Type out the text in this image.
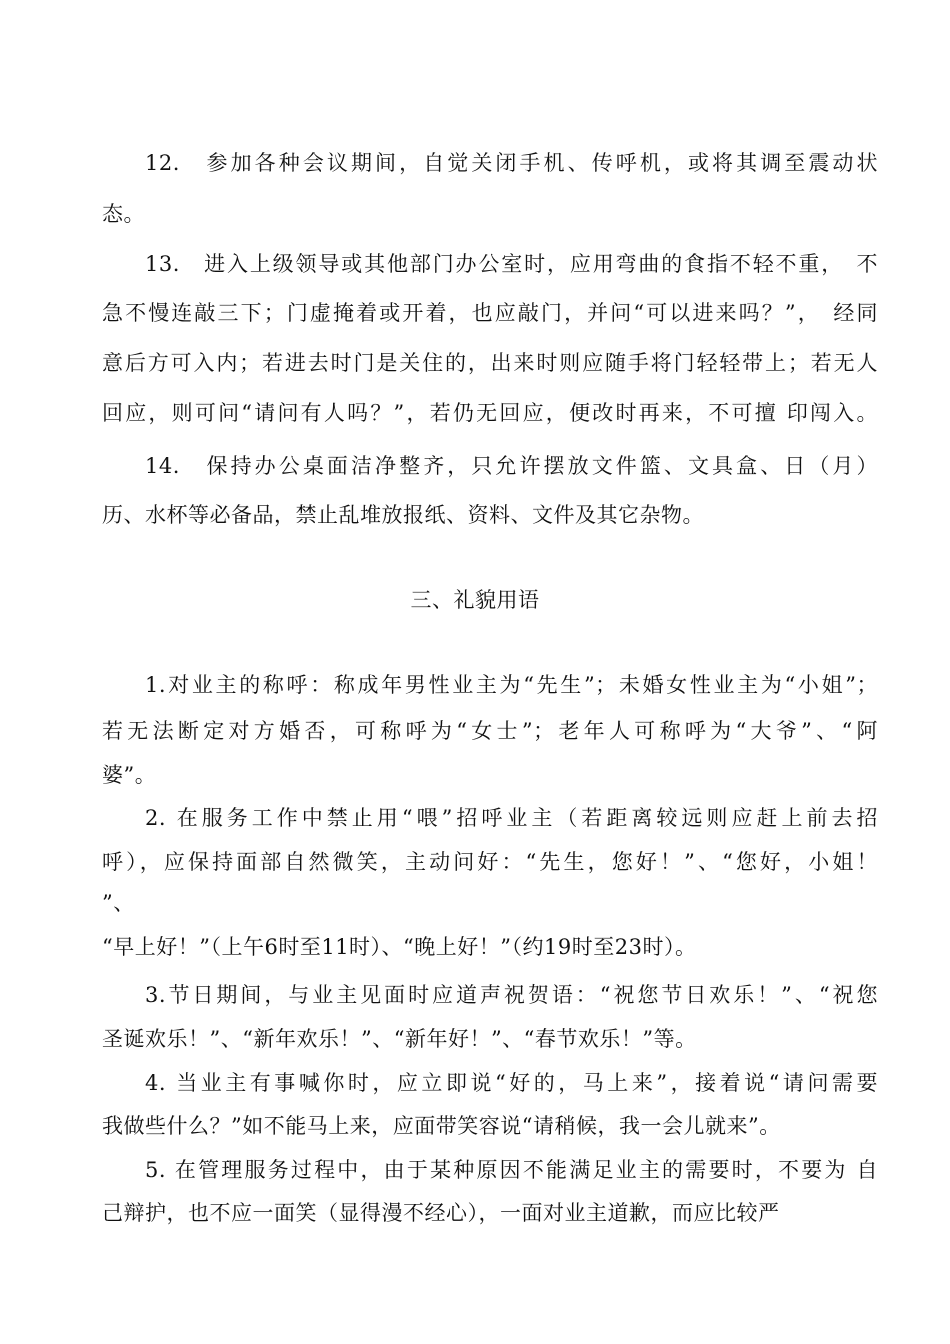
12.　参加各种会议期间，自觉关闭手机、传呼机，或将其调至震动状
态。
13.　进入上级领导或其他部门办公室时，应用弯曲的食指不轻不重，　不
急不慢连敲三下；门虚掩着或开着，也应敲门，并问“可以进来吗？”，　经同
意后方可入内；若进去时门是关住的，出来时则应随手将门轻轻带上；若无人
回应，则可问“请问有人吗？”，若仍无回应，便改时再来，不可擅 印闯入。
14.　保持办公桌面洁净整齐，只允许摆放文件篮、文具盒、日（月）
历、水杯等必备品，禁止乱堆放报纸、资料、文件及其它杂物。
三、礼貌用语
1.对业主的称呼：称成年男性业主为“先生”；未婚女性业主为“小姐”；
若无法断定对方婚否，可称呼为“女士”；老年人可称呼为“大爷”、“阿
婆”。
2. 在服务工作中禁止用“喂”招呼业主（若距离较远则应赶上前去招
呼），应保持面部自然微笑，主动问好：“先生，您好！”、“您好，小姐！
”、
“早上好！”（上午6时至11时）、“晚上好！”（约19时至23时）。
3.节日期间，与业主见面时应道声祝贺语：“祝您节日欢乐！”、“祝您
圣诞欢乐！”、“新年欢乐！”、“新年好！”、“春节欢乐！”等。
4. 当业主有事喊你时，应立即说“好的，马上来”，接着说“请问需要
我做些什么？”如不能马上来，应面带笑容说“请稍候，我一会儿就来”。
5. 在管理服务过程中，由于某种原因不能满足业主的需要时，不要为 自
己辩护，也不应一面笑（显得漫不经心），一面对业主道歉，而应比较严
